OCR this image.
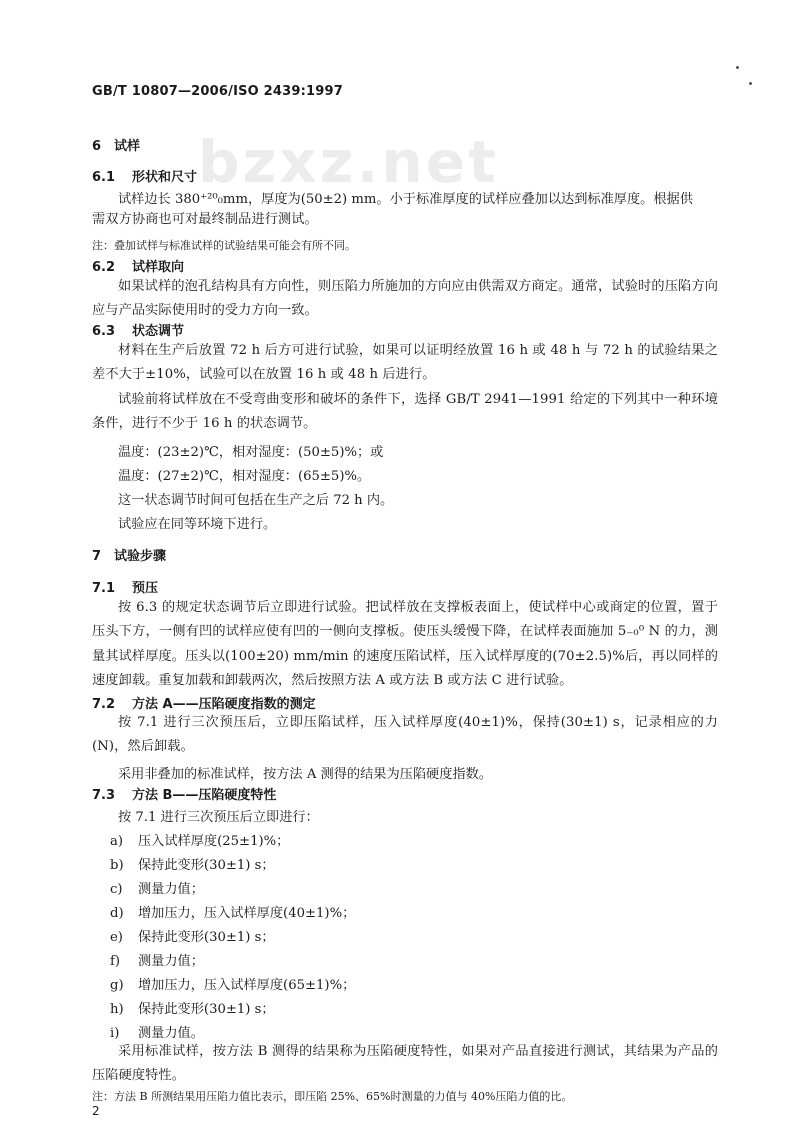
bzxz.net
GB/T 10807—2006/ISO 2439:1997
6 试样
6.1 形状和尺寸
试样边长 380⁺²⁰₀mm，厚度为(50±2) mm。小于标准厚度的试样应叠加以达到标准厚度。根据供
需双方协商也可对最终制品进行测试。
注：叠加试样与标准试样的试验结果可能会有所不同。
6.2 试样取向
如果试样的泡孔结构具有方向性，则压陷力所施加的方向应由供需双方商定。通常，试验时的压陷方向应与产品实际使用时的受力方向一致。
6.3 状态调节
材料在生产后放置 72 h 后方可进行试验，如果可以证明经放置 16 h 或 48 h 与 72 h 的试验结果之差不大于±10%，试验可以在放置 16 h 或 48 h 后进行。
试验前将试样放在不受弯曲变形和破坏的条件下，选择 GB/T 2941—1991 给定的下列其中一种环境条件，进行不少于 16 h 的状态调节。
温度：(23±2)℃，相对湿度：(50±5)%；或
温度：(27±2)℃，相对湿度：(65±5)%。
这一状态调节时间可包括在生产之后 72 h 内。
试验应在同等环境下进行。
7 试验步骤
7.1 预压
按 6.3 的规定状态调节后立即进行试验。把试样放在支撑板表面上，使试样中心或商定的位置，置于压头下方，一侧有凹的试样应使有凹的一侧向支撑板。使压头缓慢下降，在试样表面施加 5₋₀⁰ N 的力，测量其试样厚度。压头以(100±20) mm/min 的速度压陷试样，压入试样厚度的(70±2.5)%后，再以同样的速度卸载。重复加载和卸载两次，然后按照方法 A 或方法 B 或方法 C 进行试验。
7.2 方法 A——压陷硬度指数的测定
按 7.1 进行三次预压后，立即压陷试样，压入试样厚度(40±1)%，保持(30±1) s，记录相应的力(N)，然后卸载。
采用非叠加的标准试样，按方法 A 测得的结果为压陷硬度指数。
7.3 方法 B——压陷硬度特性
按 7.1 进行三次预压后立即进行：
a) 压入试样厚度(25±1)%；
b) 保持此变形(30±1) s；
c) 测量力值；
d) 增加压力，压入试样厚度(40±1)%；
e) 保持此变形(30±1) s；
f) 测量力值；
g) 增加压力，压入试样厚度(65±1)%；
h) 保持此变形(30±1) s；
i) 测量力值。
采用标准试样，按方法 B 测得的结果称为压陷硬度特性，如果对产品直接进行测试，其结果为产品的压陷硬度特性。
注：方法 B 所测结果用压陷力值比表示，即压陷 25%、65%时测量的力值与 40%压陷力值的比。
2
